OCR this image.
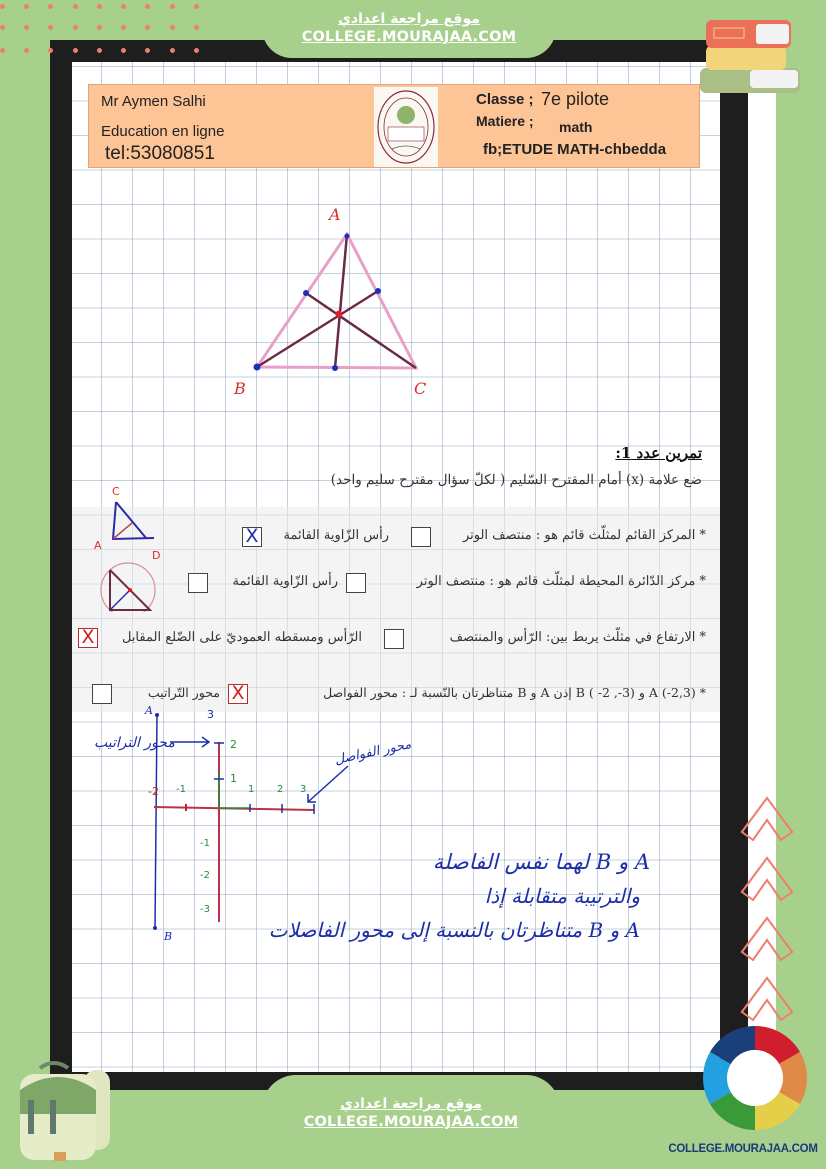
Mr Aymen Salhi
Education en ligne
tel:53080851
Classe ; 7e pilote
Matiere ; math
fb;ETUDE MATH-chbedda
A
B	C
تمرين عدد 1:
ضع علامة (x) أمام المقترح السّليم ( لكلّ سؤال مقترح سليم واحد)
* المركز القائم لمثلّث قائم هو : منتصف الوتر
رأس الزّاوية القائمة
X
* مركز الدّائرة المحيطة لمثلّث قائم هو : منتصف الوتر
رأس الزّاوية القائمة
* الارتفاع في مثلّث يربط بين: الرّأس والمنتصف
الرّأس ومسقطه العموديّ على الضّلع المقابل
X
* A (-2,3) و B ( -2 ,-3) إذن A و B متناظرتان بالنّسبة لـ : محور الفواصل
X
محور التّراتيب
C
A
D
A
B
-2 -1	1 2 3
3
2
1
-1
-2
-3
محور التراتيب	محور الفواصل
A و B لهما نفس الفاصلة
والترتيبة متقابلة إذا
A و B متناظرتان بالنسبة إلى محور الفاصلات
موقع مراجعة اعدادي
COLLEGE.MOURAJAA.COM
موقع مراجعة اعدادي
COLLEGE.MOURAJAA.COM
COLLEGE.MOURAJAA.COM
